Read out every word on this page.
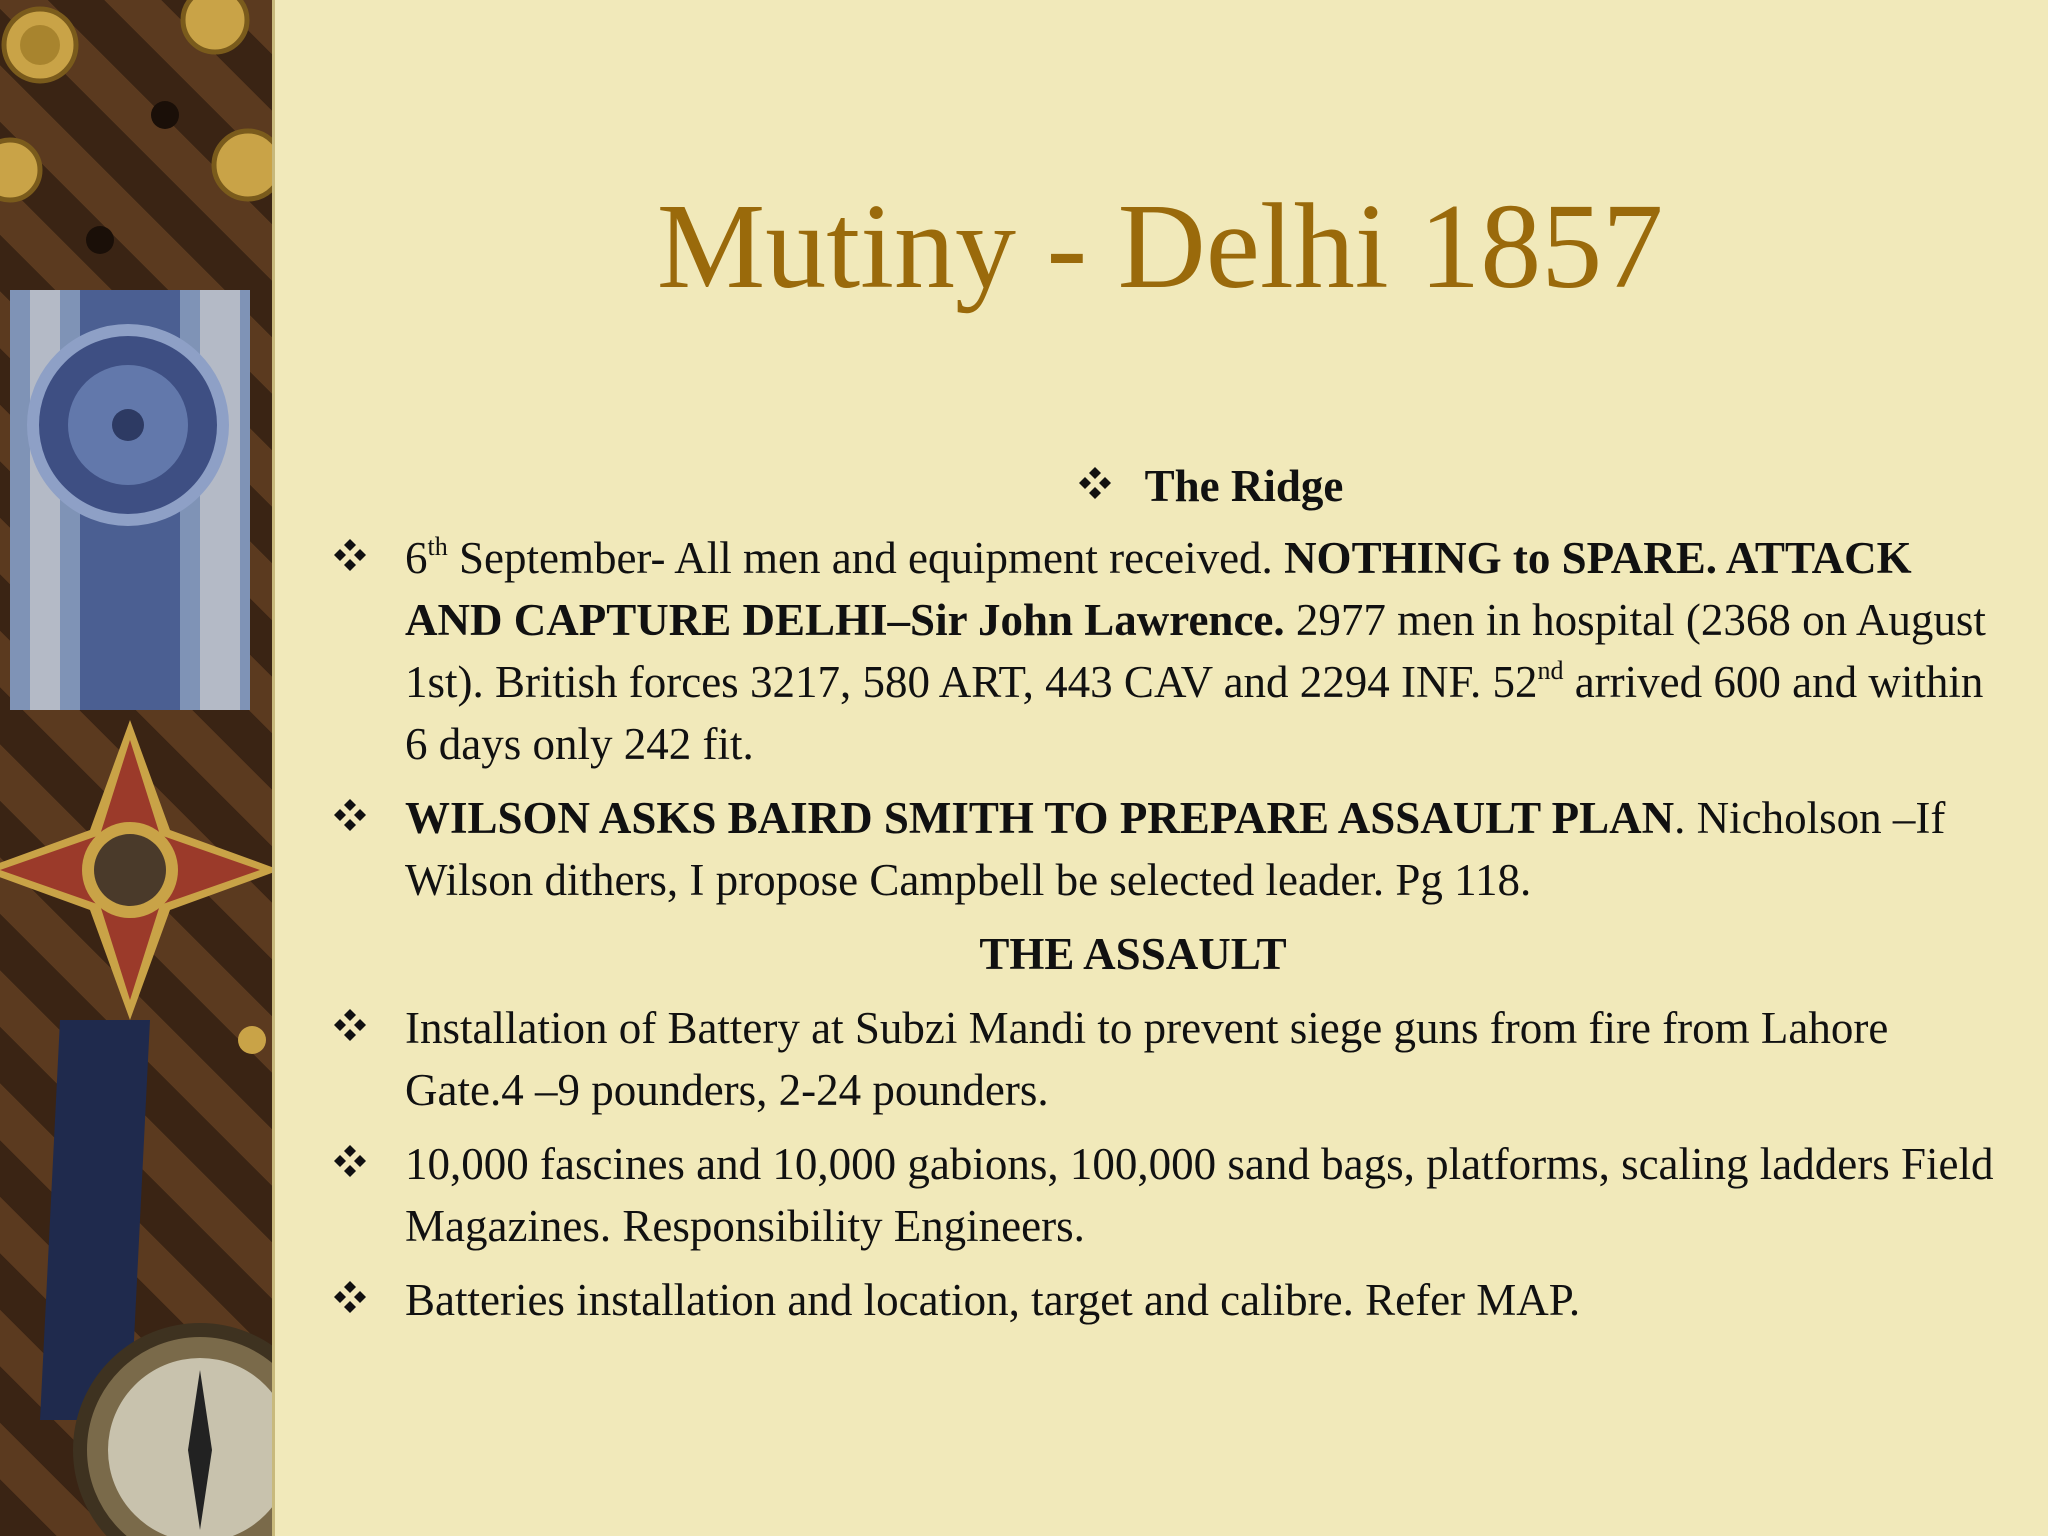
Mutiny - Delhi 1857
The Ridge
6th September- All men and equipment received. NOTHING to SPARE. ATTACK AND CAPTURE DELHI–Sir John Lawrence. 2977 men in hospital (2368 on August 1st). British forces 3217, 580 ART, 443 CAV and 2294 INF. 52nd arrived 600 and within 6 days only 242 fit.
WILSON ASKS BAIRD SMITH TO PREPARE ASSAULT PLAN. Nicholson –If Wilson dithers, I propose Campbell be selected leader. Pg 118.
THE ASSAULT
Installation of Battery at Subzi Mandi to prevent siege guns from fire from Lahore Gate.4 –9 pounders, 2-24 pounders.
10,000 fascines and 10,000 gabions, 100,000 sand bags, platforms, scaling ladders Field Magazines. Responsibility Engineers.
Batteries installation and location, target and calibre. Refer MAP.
